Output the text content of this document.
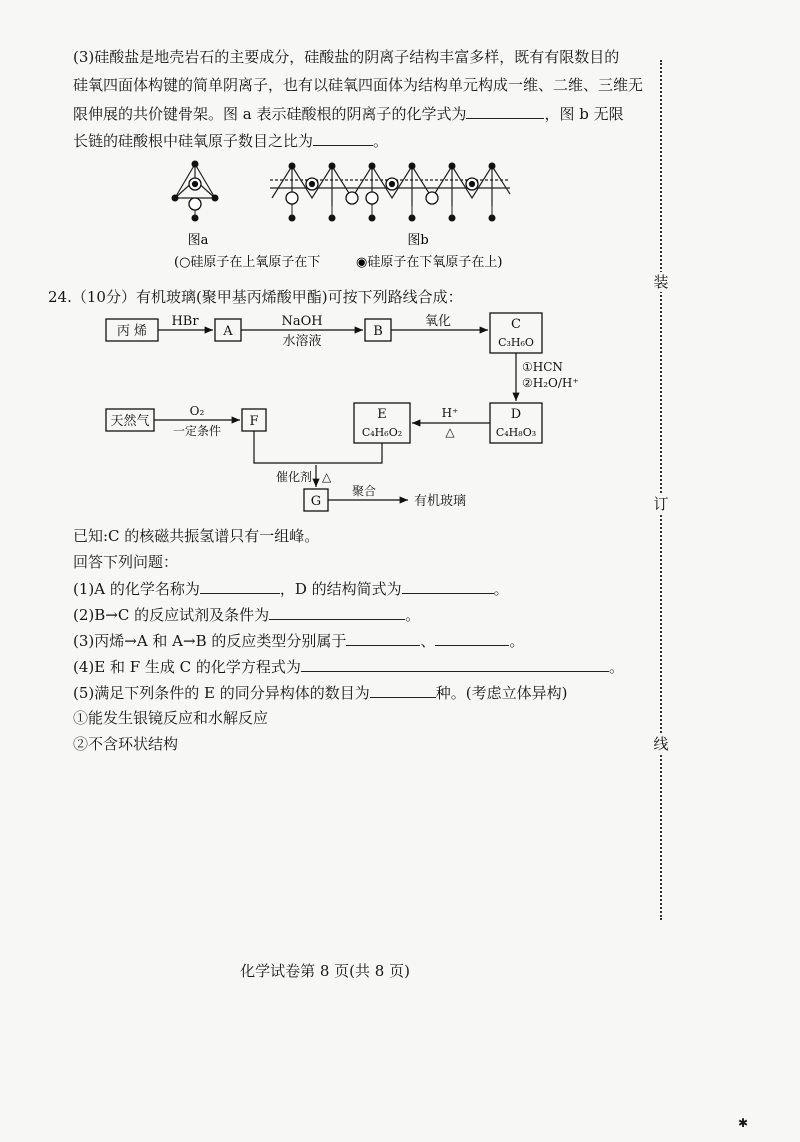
(3)硅酸盐是地壳岩石的主要成分，硅酸盐的阴离子结构丰富多样，既有有限数目的
硅氧四面体构键的简单阴离子，也有以硅氧四面体为结构单元构成一维、二维、三维无
限伸展的共价键骨架。图 a 表示硅酸根的阴离子的化学式为	，图 b 无限
长链的硅酸根中硅氧原子数目之比为	。
图a	图b
(○硅原子在上氧原子在下	◉硅原子在下氧原子在上)
24.（10分）有机玻璃(聚甲基丙烯酸甲酯)可按下列路线合成：
丙 烯	A	B	C
C₃H₆O
D
C₄H₈O₃
E
C₄H₆O₂
天然气	F
G
HBr	NaOH
水溶液
氧化
①HCN
②H₂O/H⁺
H⁺
△
O₂
一定条件
催化剂 △
聚合
有机玻璃
已知:C 的核磁共振氢谱只有一组峰。
回答下列问题：
(1)A 的化学名称为	，D 的结构简式为	。
(2)B→C 的反应试剂及条件为	。
(3)丙烯→A 和 A→B 的反应类型分别属于	、	。
(4)E 和 F 生成 C 的化学方程式为	。
(5)满足下列条件的 E 的同分异构体的数目为	种。(考虑立体异构)
①能发生银镜反应和水解反应
②不含环状结构
装
订
线
化学试卷第 8 页(共 8 页)
✱
